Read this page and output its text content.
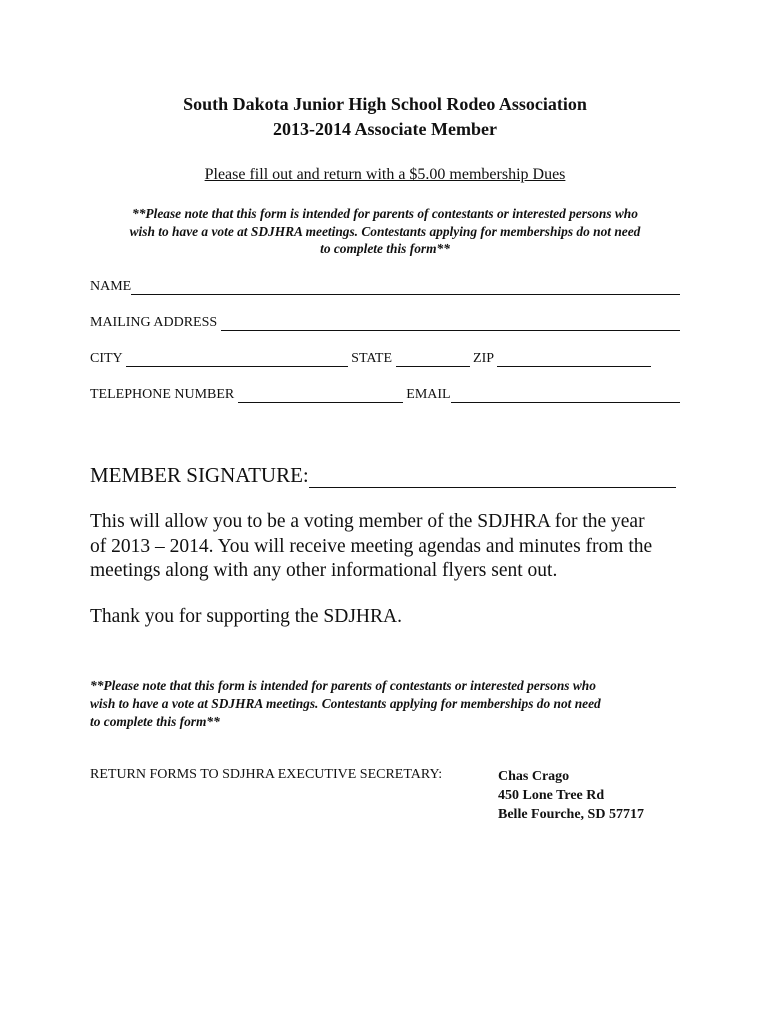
South Dakota Junior High School Rodeo Association
2013-2014 Associate Member
Please fill out and return with a $5.00 membership Dues
**Please note that this form is intended for parents of contestants or interested persons who
wish to have a vote at SDJHRA meetings. Contestants applying for memberships do not need
to complete this form**
NAME
MAILING ADDRESS
CITY	STATE	ZIP
TELEPHONE NUMBER	EMAIL
MEMBER SIGNATURE:
This will allow you to be a voting member of the SDJHRA for the year
of 2013 – 2014. You will receive meeting agendas and minutes from the
meetings along with any other informational flyers sent out.
Thank you for supporting the SDJHRA.
**Please note that this form is intended for parents of contestants or interested persons who
wish to have a vote at SDJHRA meetings. Contestants applying for memberships do not need
to complete this form**
RETURN FORMS TO SDJHRA EXECUTIVE SECRETARY:	Chas Crago
450 Lone Tree Rd
Belle Fourche, SD 57717
